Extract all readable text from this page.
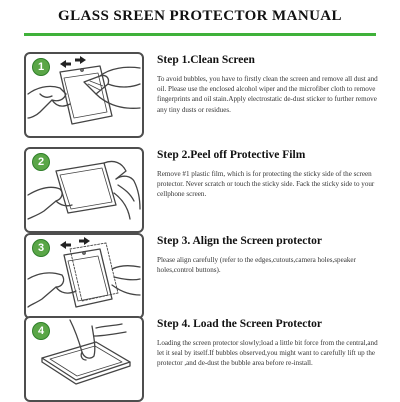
GLASS SREEN PROTECTOR MANUAL
1
Step 1.Clean Screen

To avoid bubbles, you have to firstly clean the screen and remove all dust and oil. Please use the enclosed alcohol wiper and the microfiber cloth to remove fingerprints and oil stain.Apply electrostatic de-dust sticker to further remove any tiny dusts or residues.

2
Step 2.Peel off Protective Film

Remove #1 plastic film, which is for protecting the sticky side of the screen protector. Never scratch or touch the sticky side. Fack the sticky side to your cellphone screen.

3
Step 3. Align the Screen protector

Please align carefully (refer to the edges,cutouts,camera holes,speaker holes,control buttons).

4
Step 4. Load the Screen Protector

Loading the screen protector slowly;load a little bit force from the central,and let it seal by itself.If bubbles observed,you might want to carefully lift up the protector ,and de-dust the bubble area before re-install.
